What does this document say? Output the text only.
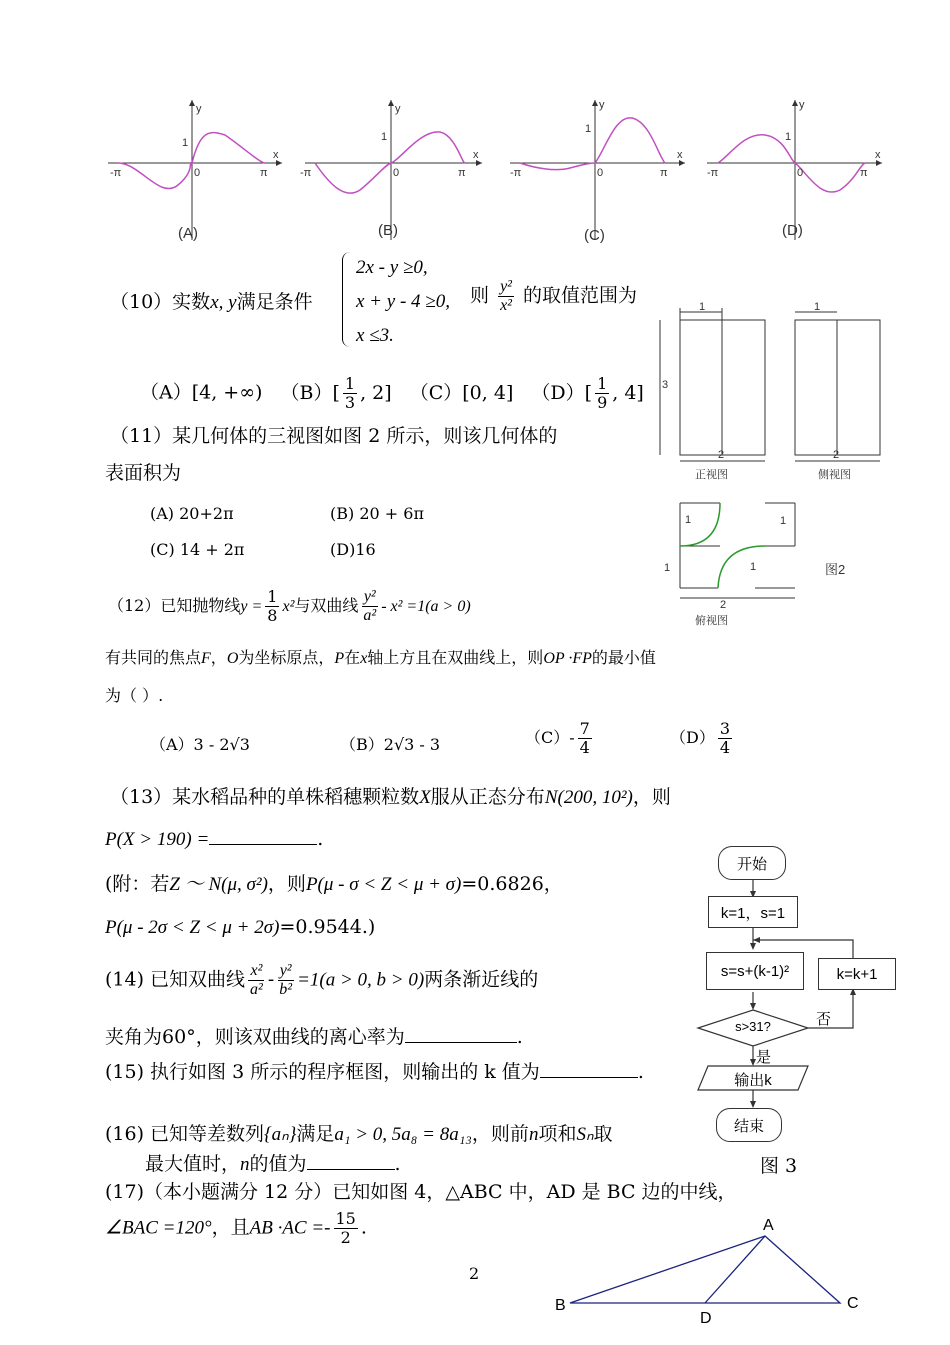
y
x
1
0
-π	π
y
x
1
0
-π	π
y
x
1
0
-π	π
y
x
1
0
-π	π
(A)	(B)	(C)	(D)
（10）实数x, y满足条件
2x - y ≥0,
x + y - 4 ≥0,
x ≤3.
则 $\frac{\text{y²}}{\text{x²}}$ 的取值范围为
（A）[4, +∞) $(B)[ \frac{1}{3}$ , 2] （C）[0, 4] $(D)[ \frac{1}{9}$ , 4]
（11）某几何体的三视图如图 2 所示，则该几何体的
表面积为
(A) 20+2π	(B) 20 + 6π
(C) 14 + 2π	(D)16
1
3
2
1
2
1	1
1	1
2
正视图	侧视图
俯视图
图2
（12）已知抛物线$y = \frac{1}{8} x^2$与双曲线 $\frac{\text{y²}}{\text{a²}} - x^2 =1(a > 0)$
有共同的焦点F，O为坐标原点，P在x轴上方且在双曲线上，则OP ·FP的最小值
为（ ）.
（A）3 - 2√3	（B）2√3 - 3	$(C)- \frac{7}{4}$	$(D) \frac{3}{4}$
（13）某水稻品种的单株稻穗颗粒数X服从正态分布N(200, 10²)，则
P(X > 190) =	.
(附：若Z ～ N(μ, σ²)，则P(μ - σ < Z < μ + σ)=0.6826，
P(μ - 2σ < Z < μ + 2σ)=0.9544.)
(14) 已知双曲线 $\frac{\text{x²}}{\text{a²}} - \frac{\text{y²}}{\text{b²}} =1(a > 0$, b > 0)两条渐近线的
夹角为60°，则该双曲线的离心率为	.
(15) 执行如图 3 所示的程序框图，则输出的 k 值为	.
(16) 已知等差数列{aₙ}满足a₁ > 0, 5a₈ = 8a₁₃，则前n项和Sₙ取
最大值时，n的值为	.
开始
k=1，s=1
s=s+(k-1)²	k=k+1
s>31?	否
是
输出k
结束
图 3
(17)（本小题满分 12 分）已知如图 4，△ABC 中，AD 是 BC 边的中线，
∠BAC =120°，且AB $\cdot AC =- \frac{15}{2}$ .	A
B	C
D
2
